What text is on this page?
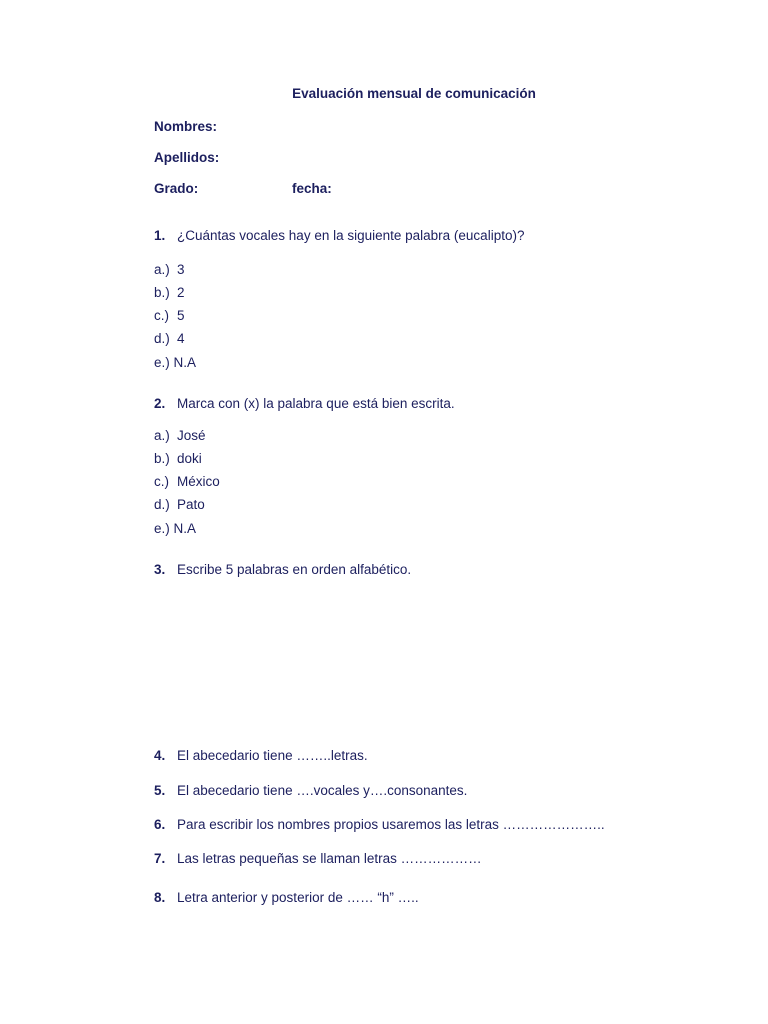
Evaluación mensual de comunicación
Nombres:
Apellidos:
Grado:	fecha:
1. ¿Cuántas vocales hay en la siguiente palabra (eucalipto)?
a.) 3
b.) 2
c.) 5
d.) 4
e.) N.A
2. Marca con (x) la palabra que está bien escrita.
a.) José
b.) doki
c.) México
d.) Pato
e.) N.A
3. Escribe 5 palabras en orden alfabético.
4. El abecedario tiene ……..letras.
5. El abecedario tiene ….vocales y….consonantes.
6. Para escribir los nombres propios usaremos las letras …………………..
7. Las letras pequeñas se llaman letras ………………
8. Letra anterior y posterior de …… “h” …..
